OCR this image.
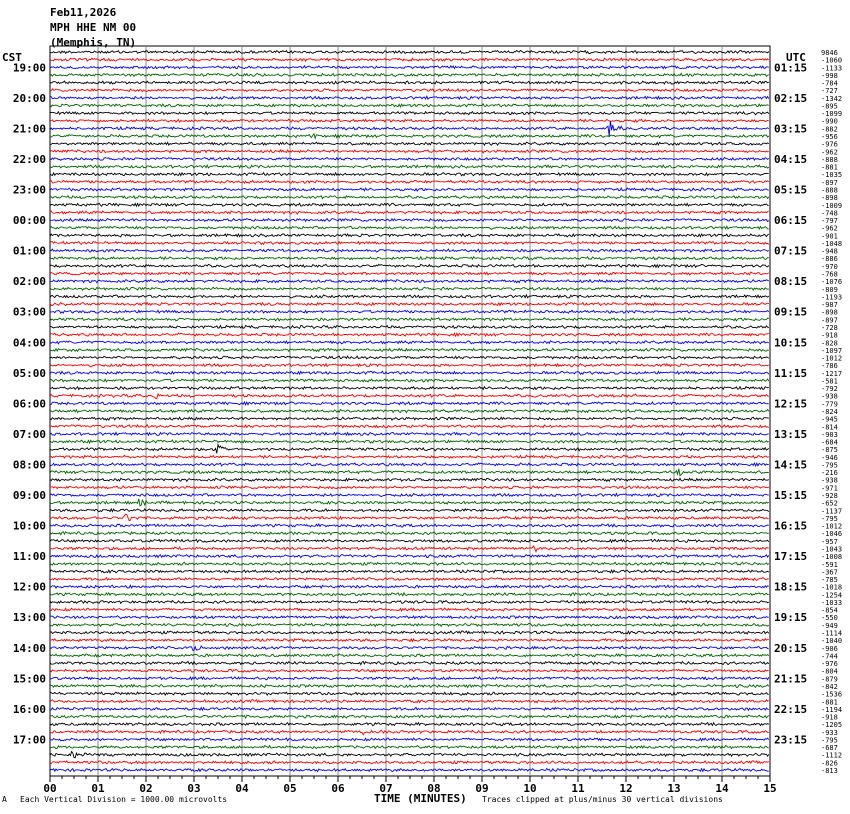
Feb11,2026
MPH HHE NM 00
(Memphis, TN)
CST	UTC 9846
-1060
-1133
-998
-784
-727
-1342
-895
-1099
-990
-882
-956
-976
-962
-888
-881
-1035
-897
-888
-898
-1009
-748
-797
-962
-901
-1048
-948
-886
-970
-768
-1076
-809
-1193
-987
-898
-897
-728
-918
-828
-1097
-1012
-786
-1217
-581
-792
-938
-779
-824
-945
-814
-903
-684
-875
-946
-795
-216
-938
-971
-928
-652
-1137
-795
-1012
-1046
-957
-1043
-1008
-591
-367
-785
-1018
-1254
-1033
-854
-550
-949
-1114
-1040
-906
-744
-976
-804
-879
-842
-1536
-881
-1194
-918
-1205
-933
-795
-687
-1112
-826
-813
19:00
20:00
21:00
22:00
23:00
00:00
01:00
02:00
03:00
04:00
05:00
06:00
07:00
08:00
09:00
10:00
11:00
12:00
13:00
14:00
15:00
16:00
17:00
01:15
02:15
03:15
04:15
05:15
06:15
07:15
08:15
09:15
10:15
11:15
12:15
13:15
14:15
15:15
16:15
17:15
18:15
19:15
20:15
21:15
22:15
23:15
00	01	02	03	04	05	06	07	08	09	10	11	12	13	14	15
A Each Vertical Division = 1000.00 microvolts	TIME (MINUTES) Traces clipped at plus/minus 30 vertical divisions
